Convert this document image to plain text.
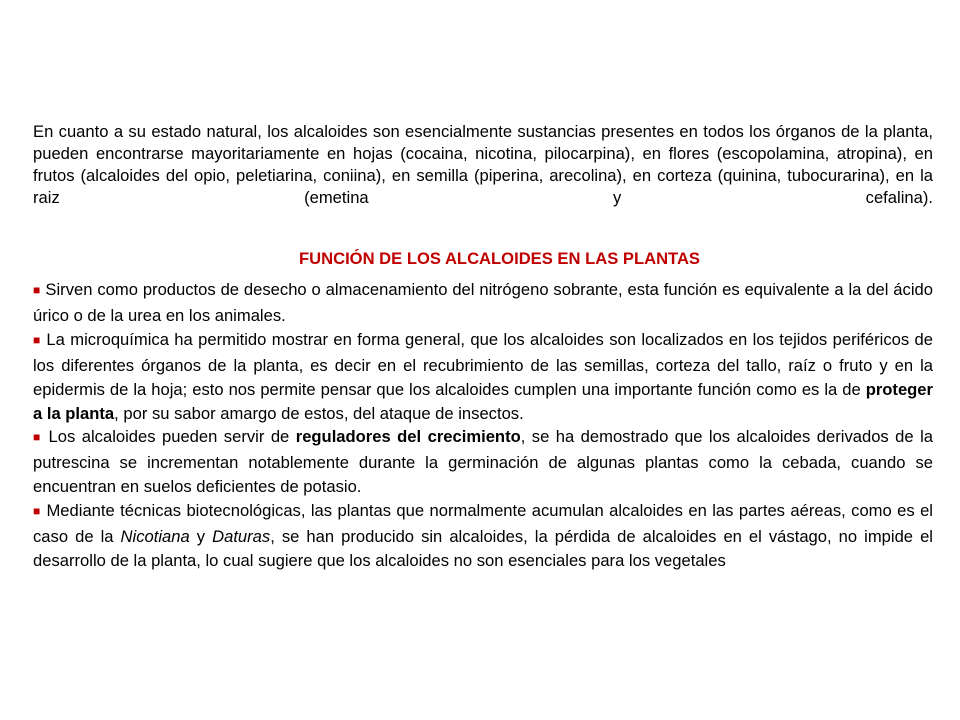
En cuanto a su estado natural, los alcaloides son esencialmente sustancias presentes en todos los órganos de la planta, pueden encontrarse mayoritariamente en hojas (cocaina, nicotina, pilocarpina), en flores (escopolamina, atropina), en frutos (alcaloides del opio, peletiarina, coniina), en semilla (piperina, arecolina), en corteza (quinina, tubocurarina), en la raiz (emetina y cefalina).

FUNCIÓN DE LOS ALCALOIDES EN LAS PLANTAS

■ Sirven como productos de desecho o almacenamiento del nitrógeno sobrante, esta función es equivalente a la del ácido úrico o de la urea en los animales.

■ La microquímica ha permitido mostrar en forma general, que los alcaloides son localizados en los tejidos periféricos de los diferentes órganos de la planta, es decir en el recubrimiento de las semillas, corteza del tallo, raíz o fruto y en la epidermis de la hoja; esto nos permite pensar que los alcaloides cumplen una importante función como es la de proteger a la planta, por su sabor amargo de estos, del ataque de insectos.

■ Los alcaloides pueden servir de reguladores del crecimiento, se ha demostrado que los alcaloides derivados de la putrescina se incrementan notablemente durante la germinación de algunas plantas como la cebada, cuando se encuentran en suelos deficientes de potasio.

■ Mediante técnicas biotecnológicas, las plantas que normalmente acumulan alcaloides en las partes aéreas, como es el caso de la Nicotiana y Daturas, se han producido sin alcaloides, la pérdida de alcaloides en el vástago, no impide el desarrollo de la planta, lo cual sugiere que los alcaloides no son esenciales para los vegetales
